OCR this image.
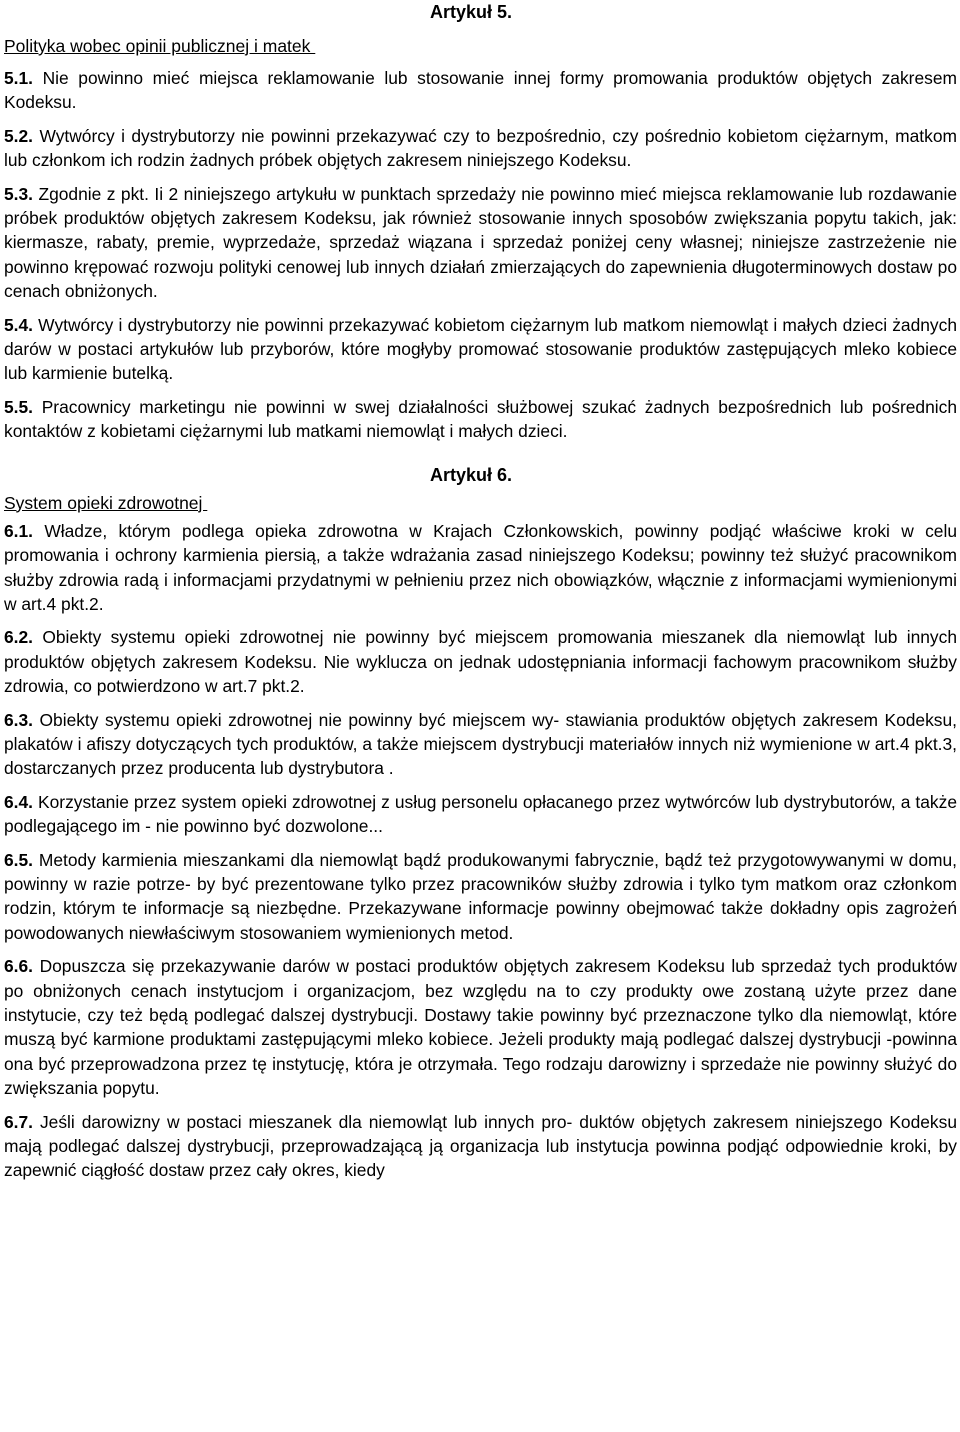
Artykuł 5.
Polityka wobec opinii publicznej i matek

5.1. Nie powinno mieć miejsca reklamowanie lub stosowanie innej formy promowania produktów objętych zakresem Kodeksu.

5.2. Wytwórcy i dystrybutorzy nie powinni przekazywać czy to bezpośrednio, czy pośrednio kobietom ciężarnym, matkom lub członkom ich rodzin żadnych próbek objętych zakresem niniejszego Kodeksu.

5.3. Zgodnie z pkt. Ii 2 niniejszego artykułu w punktach sprzedaży nie powinno mieć miejsca reklamowanie lub rozdawanie próbek produktów objętych zakresem Kodeksu, jak również stosowanie innych sposobów zwiększania popytu takich, jak: kiermasze, rabaty, premie, wyprzedaże, sprzedaż wiązana i sprzedaż poniżej ceny własnej; niniejsze zastrzeżenie nie powinno krępować rozwoju polityki cenowej lub innych działań zmierzających do zapewnienia długoterminowych dostaw po cenach obniżonych.

5.4. Wytwórcy i dystrybutorzy nie powinni przekazywać kobietom ciężarnym lub matkom niemowląt i małych dzieci żadnych darów w postaci artykułów lub przyborów, które mogłyby promować stosowanie produktów zastępujących mleko kobiece lub karmienie butelką.

5.5. Pracownicy marketingu nie powinni w swej działalności służbowej szukać żadnych bezpośrednich lub pośrednich kontaktów z kobietami ciężarnymi lub matkami niemowląt i małych dzieci.

Artykuł 6.
System opieki zdrowotnej

6.1. Władze, którym podlega opieka zdrowotna w Krajach Członkowskich, powinny podjąć właściwe kroki w celu promowania i ochrony karmienia piersią, a także wdrażania zasad niniejszego Kodeksu; powinny też służyć pracownikom służby zdrowia radą i informacjami przydatnymi w pełnieniu przez nich obowiązków, włącznie z informacjami wymienionymi w art.4 pkt.2.

6.2. Obiekty systemu opieki zdrowotnej nie powinny być miejscem promowania mieszanek dla niemowląt lub innych produktów objętych zakresem Kodeksu. Nie wyklucza on jednak udostępniania informacji fachowym pracownikom służby zdrowia, co potwierdzono w art.7 pkt.2.

6.3. Obiekty systemu opieki zdrowotnej nie powinny być miejscem wy- stawiania produktów objętych zakresem Kodeksu, plakatów i afiszy dotyczących tych produktów, a także miejscem dystrybucji materiałów innych niż wymienione w art.4 pkt.3, dostarczanych przez producenta lub dystrybutora .

6.4. Korzystanie przez system opieki zdrowotnej z usług personelu opłacanego przez wytwórców lub dystrybutorów, a także podlegającego im - nie powinno być dozwolone...

6.5. Metody karmienia mieszankami dla niemowląt bądź produkowanymi fabrycznie, bądź też przygotowywanymi w domu, powinny w razie potrze- by być prezentowane tylko przez pracowników służby zdrowia i tylko tym matkom oraz członkom rodzin, którym te informacje są niezbędne. Przekazywane informacje powinny obejmować także dokładny opis zagrożeń powodowanych niewłaściwym stosowaniem wymienionych metod.

6.6. Dopuszcza się przekazywanie darów w postaci produktów objętych zakresem Kodeksu lub sprzedaż tych produktów po obniżonych cenach instytucjom i organizacjom, bez względu na to czy produkty owe zostaną użyte przez dane instytucie, czy też będą podlegać dalszej dystrybucji. Dostawy takie powinny być przeznaczone tylko dla niemowląt, które muszą być karmione produktami zastępującymi mleko kobiece. Jeżeli produkty mają podlegać dalszej dystrybucji -powinna ona być przeprowadzona przez tę instytucję, która je otrzymała. Tego rodzaju darowizny i sprzedaże nie powinny służyć do zwiększania popytu.

6.7. Jeśli darowizny w postaci mieszanek dla niemowląt lub innych pro- duktów objętych zakresem niniejszego Kodeksu mają podlegać dalszej dystrybucji, przeprowadzającą ją organizacja lub instytucja powinna podjąć odpowiednie kroki, by zapewnić ciągłość dostaw przez cały okres, kiedy
